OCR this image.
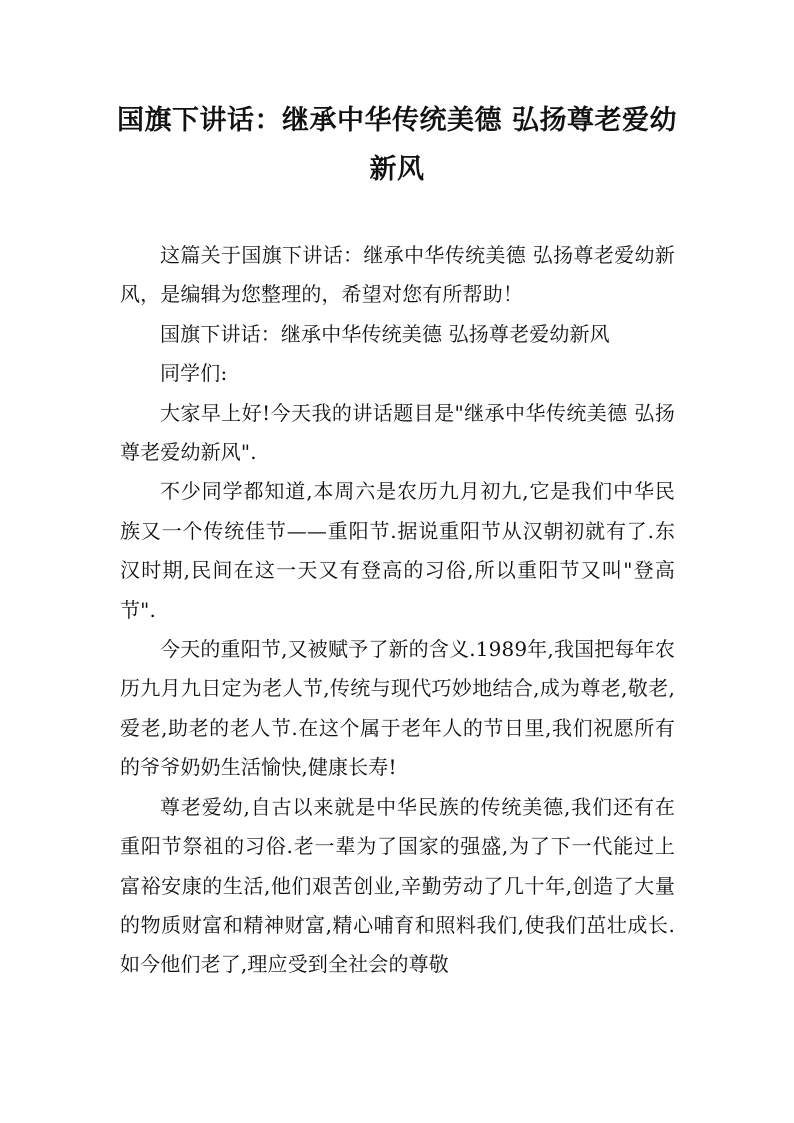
国旗下讲话：继承中华传统美德 弘扬尊老爱幼新风

这篇关于国旗下讲话：继承中华传统美德 弘扬尊老爱幼新风，是编辑为您整理的，希望对您有所帮助！

国旗下讲话：继承中华传统美德 弘扬尊老爱幼新风

同学们:

大家早上好!今天我的讲话题目是"继承中华传统美德 弘扬尊老爱幼新风".

不少同学都知道,本周六是农历九月初九,它是我们中华民族又一个传统佳节——重阳节.据说重阳节从汉朝初就有了.东汉时期,民间在这一天又有登高的习俗,所以重阳节又叫"登高节".

今天的重阳节,又被赋予了新的含义.1989年,我国把每年农历九月九日定为老人节,传统与现代巧妙地结合,成为尊老,敬老,爱老,助老的老人节.在这个属于老年人的节日里,我们祝愿所有的爷爷奶奶生活愉快,健康长寿!

尊老爱幼,自古以来就是中华民族的传统美德,我们还有在重阳节祭祖的习俗.老一辈为了国家的强盛,为了下一代能过上富裕安康的生活,他们艰苦创业,辛勤劳动了几十年,创造了大量的物质财富和精神财富,精心哺育和照料我们,使我们茁壮成长.如今他们老了,理应受到全社会的尊敬
